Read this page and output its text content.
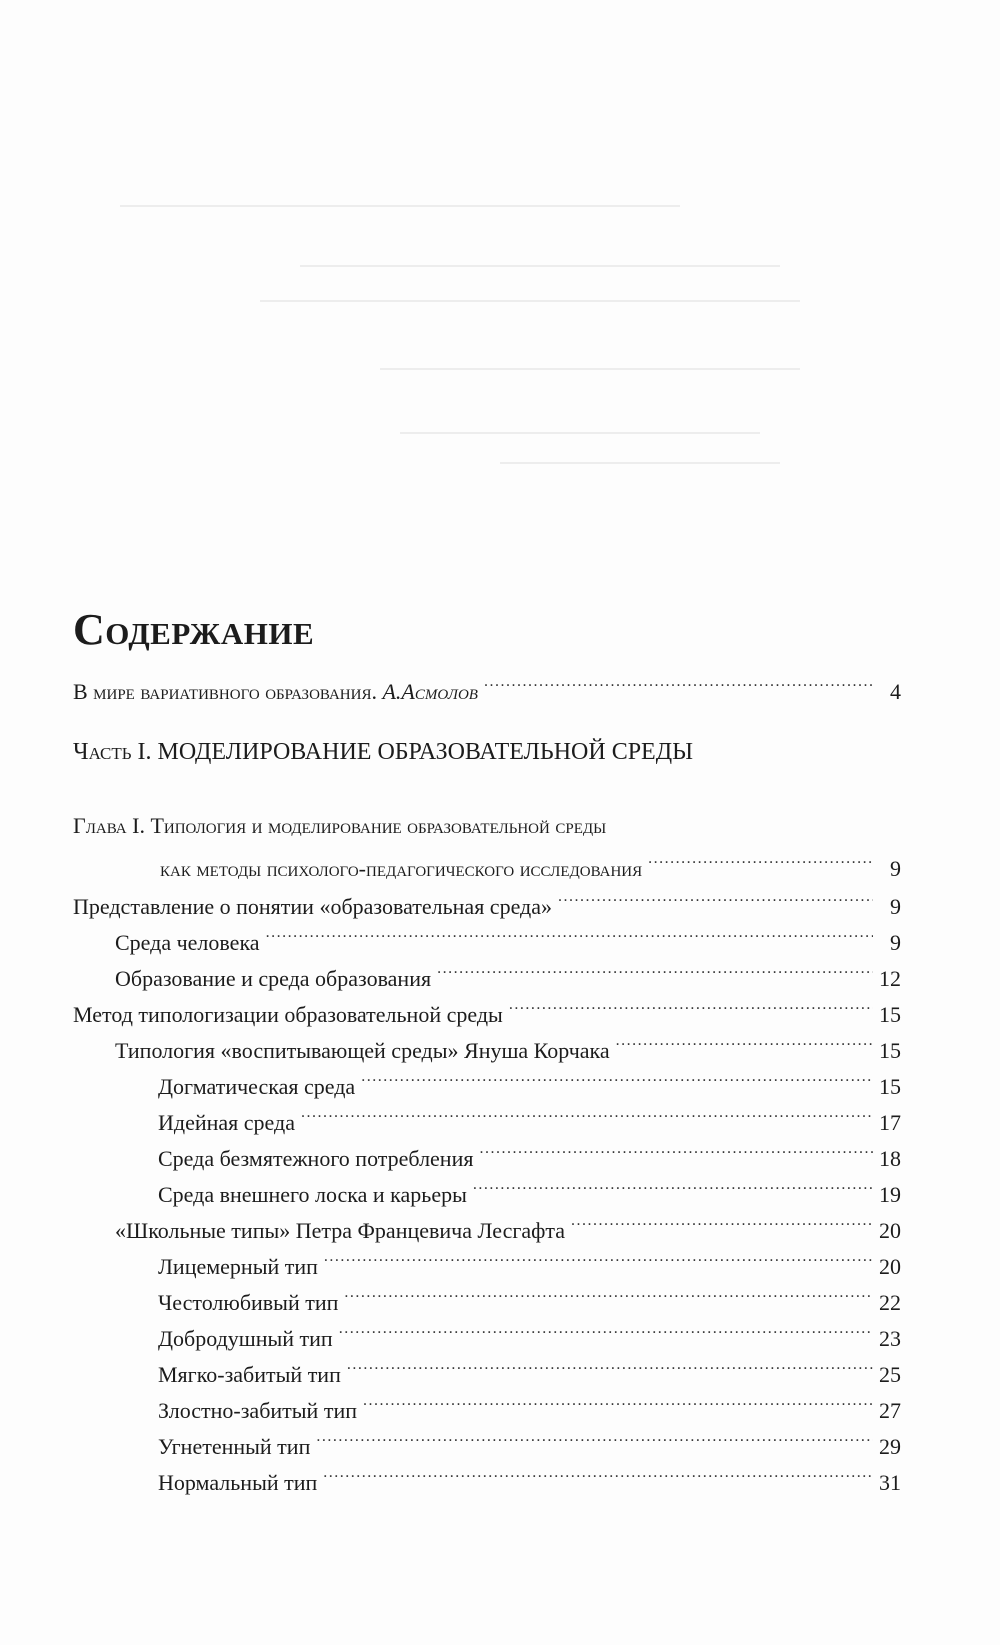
Содержание
В мире вариативного образования. А.Асмолов .....	4
Часть I. МОДЕЛИРОВАНИЕ ОБРАЗОВАТЕЛЬНОЙ СРЕДЫ
Глава I. Типология и моделирование образовательной среды
как методы психолого-педагогического исследования .....	9
Представление о понятии «образовательная среда» .....	9
Среда человека .....	9
Образование и среда образования .....	12
Метод типологизации образовательной среды .....	15
Типология «воспитывающей среды» Януша Корчака .....	15
Догматическая среда .....	15
Идейная среда .....	17
Среда безмятежного потребления .....	18
Среда внешнего лоска и карьеры .....	19
«Школьные типы» Петра Францевича Лесгафта .....	20
Лицемерный тип .....	20
Честолюбивый тип .....	22
Добродушный тип .....	23
Мягко-забитый тип .....	25
Злостно-забитый тип .....	27
Угнетенный тип .....	29
Нормальный тип .....	31
